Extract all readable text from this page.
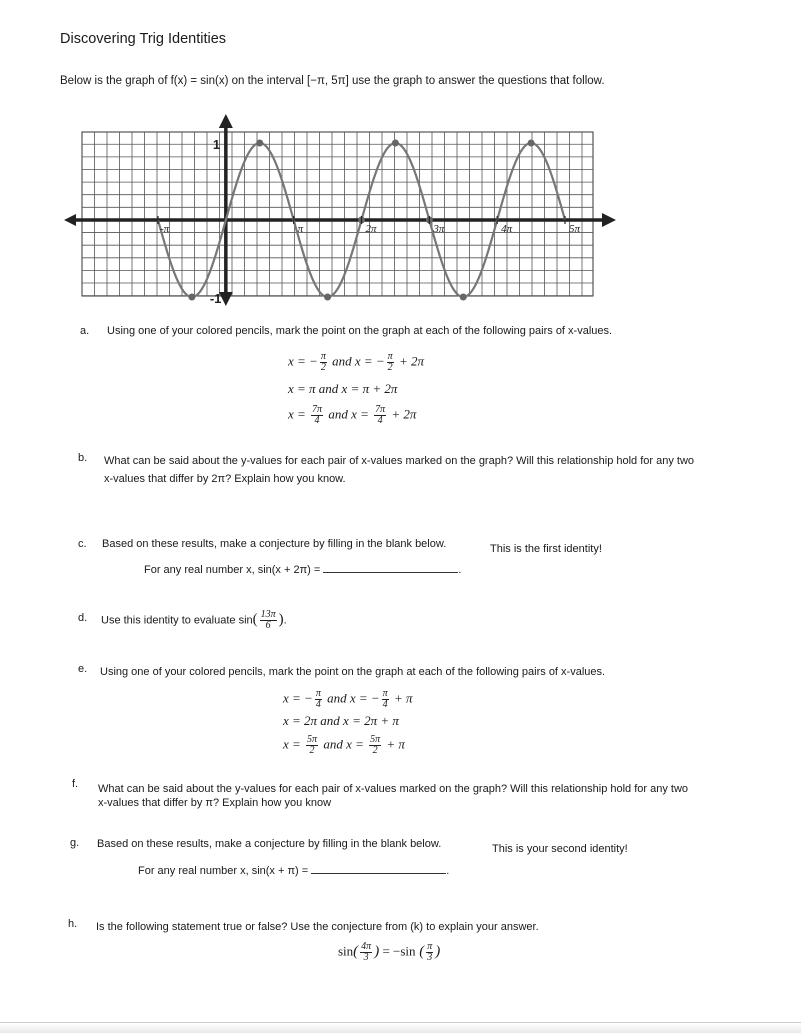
Discovering Trig Identities
Below is the graph of f(x) = sin(x) on the interval [−π, 5π] use the graph to answer the questions that follow.
-π	π	2π	3π	4π	5π
1
-1
a. Using one of your colored pencils, mark the point on the graph at each of the following pairs of x-values.
x = − $\frac{\pi}{2}$ and x = − $\frac{\pi}{2} + 2\pi$
x = π and x = π + 2π
$x = \frac{7\pi}{4}$ and $x = \frac{7\pi}{4} + 2\pi$
b. What can be said about the y-values for each pair of x-values marked on the graph? Will this relationship hold for any two
x-values that differ by 2π? Explain how you know.
c. Based on these results, make a conjecture by filling in the blank below.	This is the first identity!
For any real number x, sin(x + 2π) =	.
d. Use this identity to evaluate $\sin( \frac{13\pi}{6}$ ).
e. Using one of your colored pencils, mark the point on the graph at each of the following pairs of x-values.
x = − $\frac{\pi}{4}$ and x = − $\frac{\pi}{4} + \pi$
x = 2π and x = 2π + π
$x = \frac{5\pi}{2}$ and $x = \frac{5\pi}{2} + \pi$
f. What can be said about the y-values for each pair of x-values marked on the graph? Will this relationship hold for any two
x-values that differ by π? Explain how you know
g. Based on these results, make a conjecture by filling in the blank below.	This is your second identity!
For any real number x, sin(x + π) =	.
h. Is the following statement true or false? Use the conjecture from (k) to explain your answer.
$\sin( \frac{4\pi}{3}$ ) = −sin ( $\frac{\pi}{3}$ )
